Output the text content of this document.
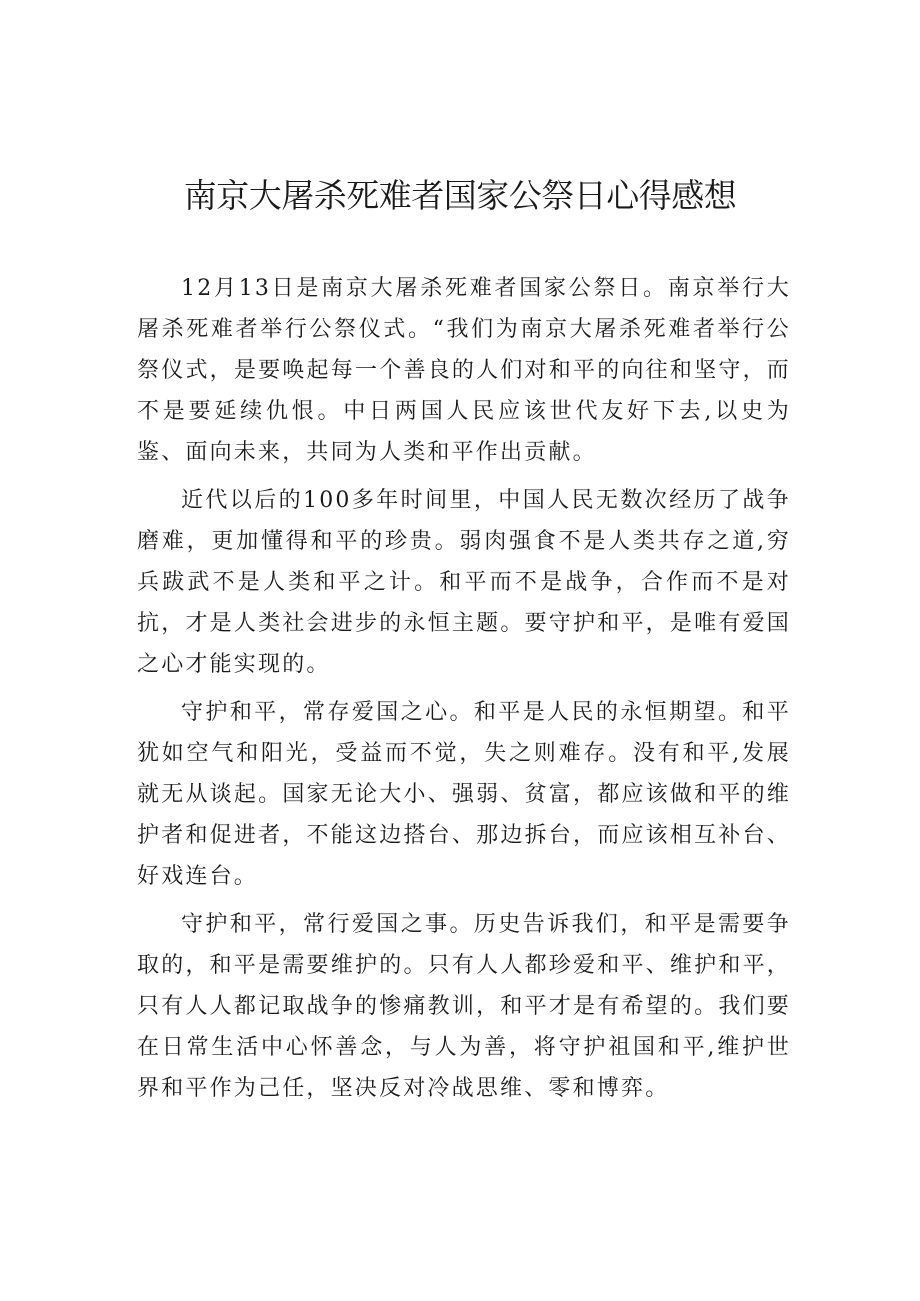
南京大屠杀死难者国家公祭日心得感想

12月13日是南京大屠杀死难者国家公祭日。南京举行大屠杀死难者举行公祭仪式。“我们为南京大屠杀死难者举行公祭仪式，是要唤起每一个善良的人们对和平的向往和坚守，而不是要延续仇恨。中日两国人民应该世代友好下去,以史为鉴、面向未来，共同为人类和平作出贡献。

近代以后的100多年时间里，中国人民无数次经历了战争磨难，更加懂得和平的珍贵。弱肉强食不是人类共存之道,穷兵跋武不是人类和平之计。和平而不是战争，合作而不是对抗，才是人类社会进步的永恒主题。要守护和平，是唯有爱国之心才能实现的。

守护和平，常存爱国之心。和平是人民的永恒期望。和平犹如空气和阳光，受益而不觉，失之则难存。没有和平,发展就无从谈起。国家无论大小、强弱、贫富，都应该做和平的维护者和促进者，不能这边搭台、那边拆台，而应该相互补台、好戏连台。

守护和平，常行爱国之事。历史告诉我们，和平是需要争取的，和平是需要维护的。只有人人都珍爱和平、维护和平，只有人人都记取战争的惨痛教训，和平才是有希望的。我们要在日常生活中心怀善念，与人为善，将守护祖国和平,维护世界和平作为己任，坚决反对冷战思维、零和博弈。
